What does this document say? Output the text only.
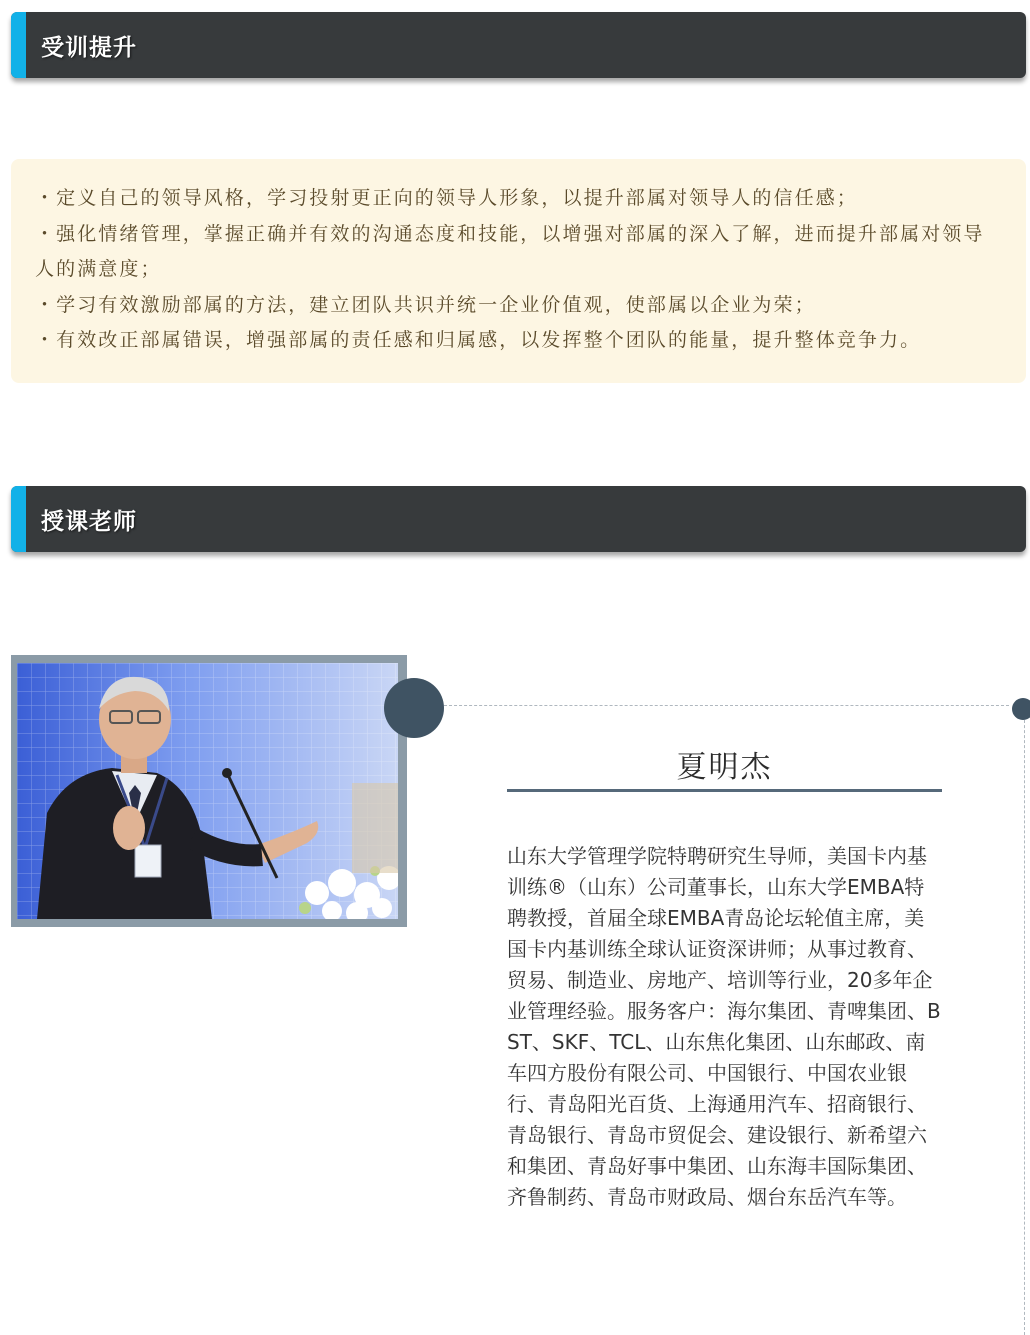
受训提升

・定义自己的领导风格，学习投射更正向的领导人形象，以提升部属对领导人的信任感；

・强化情绪管理，掌握正确并有效的沟通态度和技能，以增强对部属的深入了解，进而提升部属对领导人的满意度；

・学习有效激励部属的方法，建立团队共识并统一企业价值观，使部属以企业为荣；

・有效改正部属错误，增强部属的责任感和归属感，以发挥整个团队的能量，提升整体竞争力。

授课老师
夏明杰

山东大学管理学院特聘研究生导师，美国卡内基训练®（山东）公司董事长，山东大学EMBA特聘教授，首届全球EMBA青岛论坛轮值主席，美国卡内基训练全球认证资深讲师；从事过教育、贸易、制造业、房地产、培训等行业，20多年企业管理经验。服务客户：海尔集团、青啤集团、BST、SKF、TCL、山东焦化集团、山东邮政、南车四方股份有限公司、中国银行、中国农业银行、青岛阳光百货、上海通用汽车、招商银行、青岛银行、青岛市贸促会、建设银行、新希望六和集团、青岛好事中集团、山东海丰国际集团、齐鲁制药、青岛市财政局、烟台东岳汽车等。
